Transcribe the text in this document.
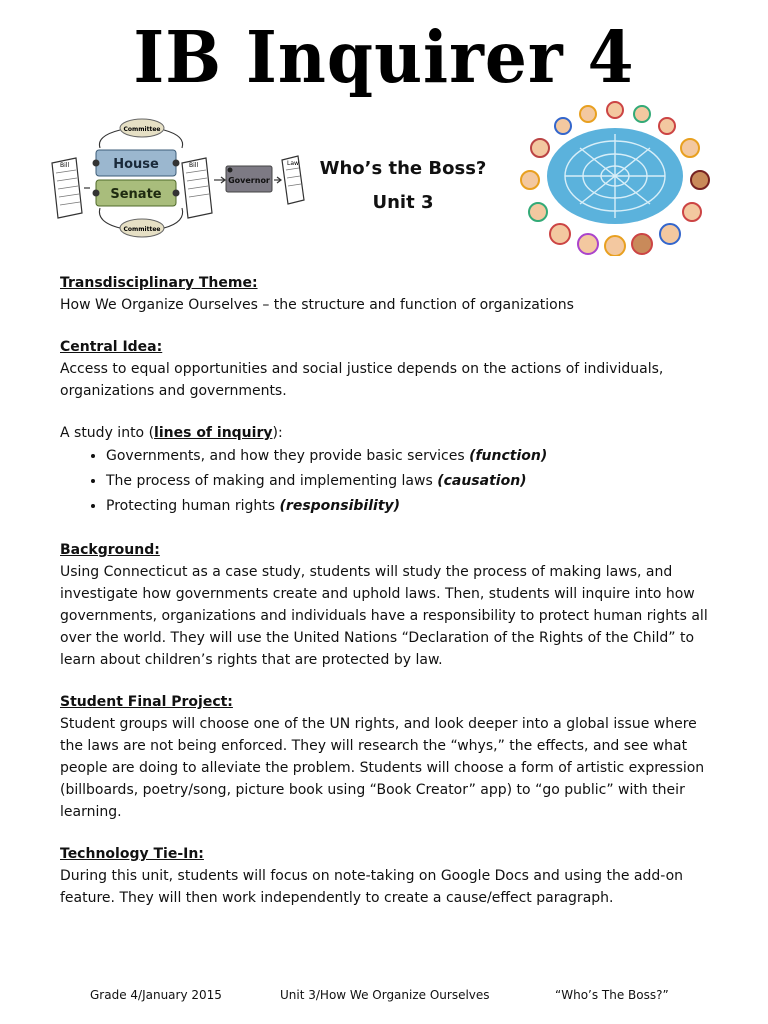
IB Inquirer 4
Bill
Committee
House
Senate
Committee
Bill
Governor
Law	Who’s the Boss?
Unit 3

Transdisciplinary Theme:

How We Organize Ourselves – the structure and function of organizations

Central Idea:

Access to equal opportunities and social justice depends on the actions of individuals, organizations and governments.

A study into (lines of inquiry):

• Governments, and how they provide basic services (function)
• The process of making and implementing laws (causation)
• Protecting human rights (responsibility)

Background:

Using Connecticut as a case study, students will study the process of making laws, and investigate how governments create and uphold laws. Then, students will inquire into how governments, organizations and individuals have a responsibility to protect human rights all over the world. They will use the United Nations “Declaration of the Rights of the Child” to learn about children’s rights that are protected by law.

Student Final Project:

Student groups will choose one of the UN rights, and look deeper into a global issue where the laws are not being enforced. They will research the “whys,” the effects, and see what people are doing to alleviate the problem. Students will choose a form of artistic expression (billboards, poetry/song, picture book using “Book Creator” app) to “go public” with their learning.

Technology Tie-In:

During this unit, students will focus on note-taking on Google Docs and using the add-on feature. They will then work independently to create a cause/effect paragraph.

Grade 4/January 2015	Unit 3/How We Organize Ourselves	“Who’s The Boss?”
